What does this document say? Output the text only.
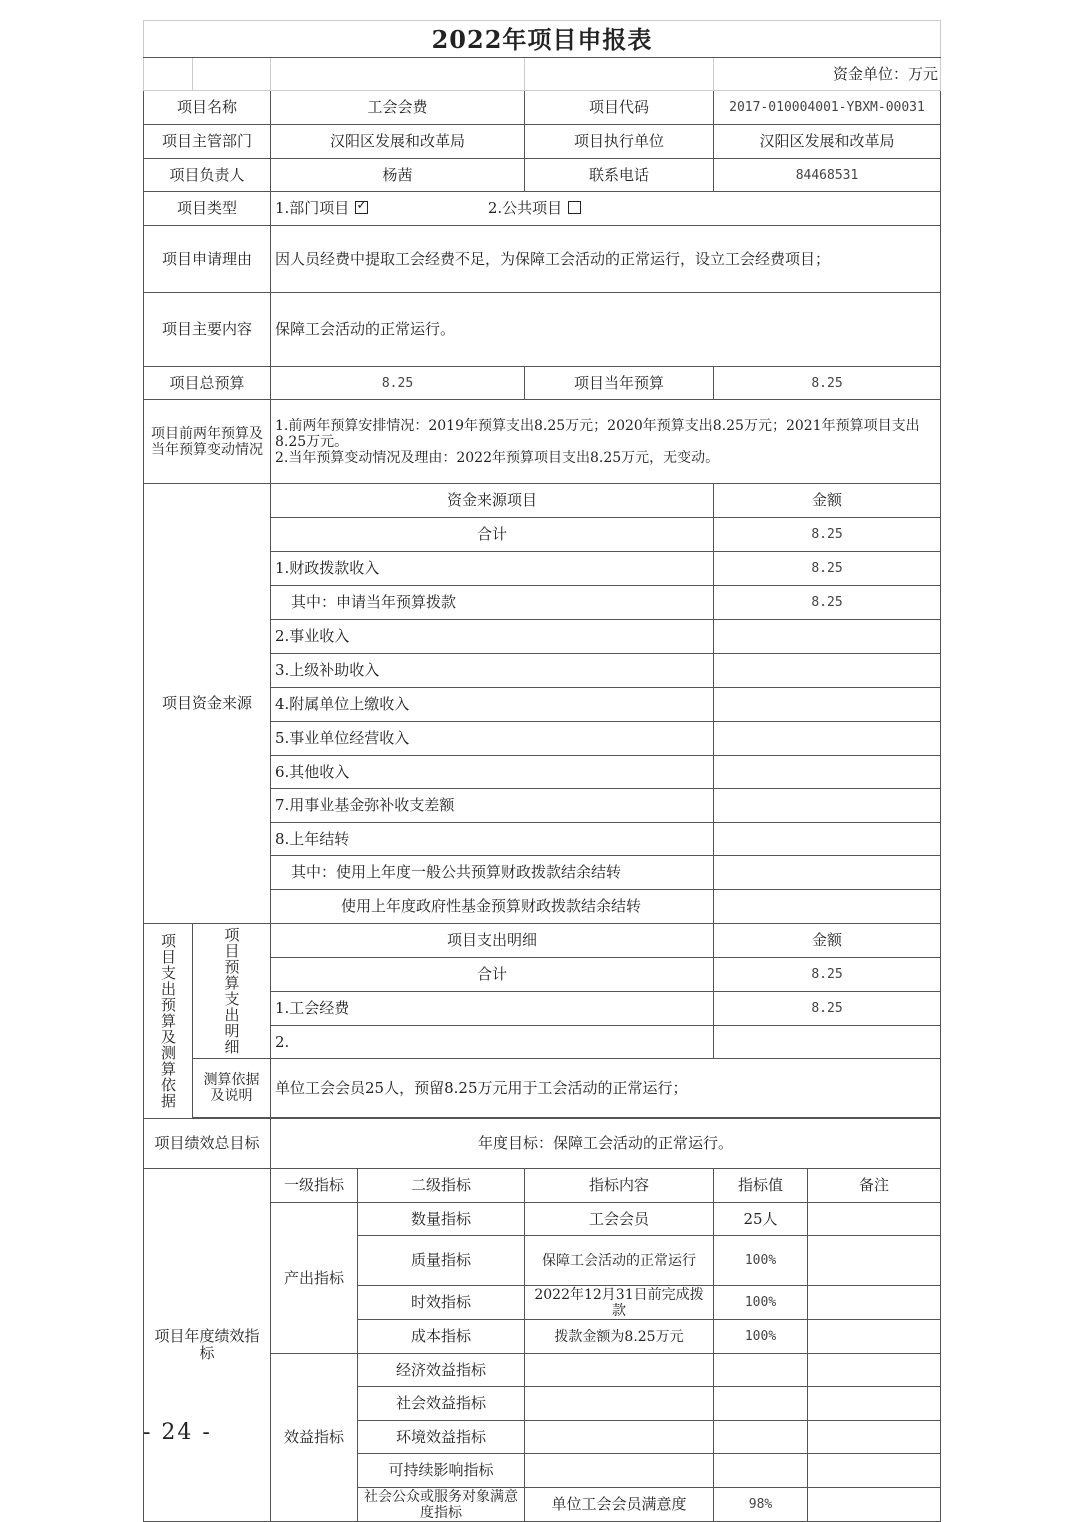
2022年项目申报表						
					资金单位：万元	
项目名称		工会会费		项目代码	2017-010004001-YBXM-00031	
项目主管部门		汉阳区发展和改革局		项目执行单位	汉阳区发展和改革局	
项目负责人		杨茜		联系电话	84468531	
项目类型		1.部门项目 ✓ 2.公共项目
项目申请理由		因人员经费中提取工会经费不足，为保障工会活动的正常运行，设立工会经费项目；				
项目主要内容		保障工会活动的正常运行。				
项目总预算		8.25		项目当年预算	8.25	
项目前两年预算及当年预算变动情况		1.前两年预算安排情况：2019年预算支出8.25万元；2020年预算支出8.25万元；2021年预算项目支出8.25万元。
2.当年预算变动情况及理由：2022年预算项目支出8.25万元，无变动。				

项目资金来源		资金来源项目			金额	
		合计			8.25	
		1.财政拨款收入			8.25	
		其中：申请当年预算拨款			8.25	
		2.事业收入				
		3.上级补助收入				
		4.附属单位上缴收入				
		5.事业单位经营收入				
		6.其他收入				
		7.用事业基金弥补收支差额				
		8.上年结转				
		其中：使用上年度一般公共预算财政拨款结余结转				
		使用上年度政府性基金预算财政拨款结余结转				

项目支出预算及测算依据	项目预算支出明细	项目支出明细			金额	
		合计			8.25	
		1.工会经费			8.25	
		2.				
	测算依据及说明	单位工会会员25人，预留8.25万元用于工会活动的正常运行；				

项目绩效总目标		年度目标：保障工会活动的正常运行。				
项目年度绩效指标		一级指标	二级指标	指标内容	指标值	备注
		产出指标	数量指标	工会会员	25人	
			质量指标	保障工会活动的正常运行	100%	
			时效指标	2022年12月31日前完成拨款	100%	
			成本指标	拨款金额为8.25万元	100%	
		效益指标	经济效益指标			
			社会效益指标			
			环境效益指标			
			可持续影响指标			
			社会公众或服务对象满意度指标	单位工会会员满意度	98%	
- 24 -
